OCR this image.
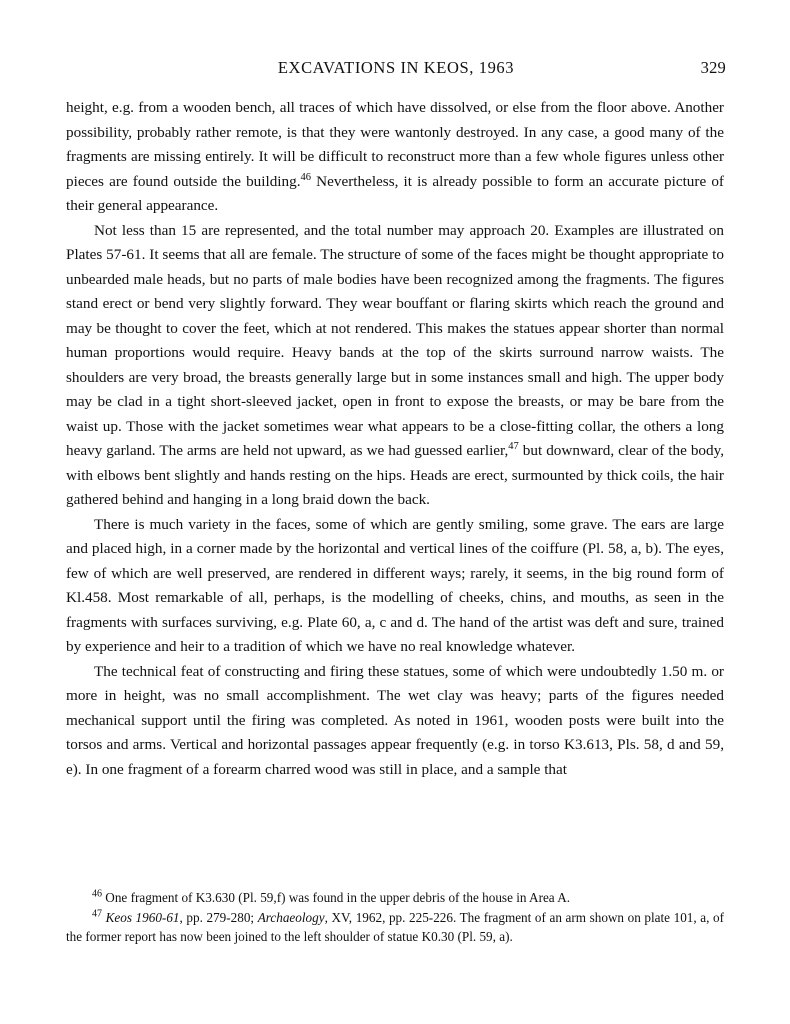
EXCAVATIONS IN KEOS, 1963	329

height, e.g. from a wooden bench, all traces of which have dissolved, or else from the floor above. Another possibility, probably rather remote, is that they were wantonly destroyed. In any case, a good many of the fragments are missing entirely. It will be difficult to reconstruct more than a few whole figures unless other pieces are found outside the building.$^{46}$ Nevertheless, it is already possible to form an accurate picture of their general appearance.

Not less than 15 are represented, and the total number may approach 20. Examples are illustrated on Plates 57-61. It seems that all are female. The structure of some of the faces might be thought appropriate to unbearded male heads, but no parts of male bodies have been recognized among the fragments. The figures stand erect or bend very slightly forward. They wear bouffant or flaring skirts which reach the ground and may be thought to cover the feet, which at not rendered. This makes the statues appear shorter than normal human proportions would require. Heavy bands at the top of the skirts surround narrow waists. The shoulders are very broad, the breasts generally large but in some instances small and high. The upper body may be clad in a tight short-sleeved jacket, open in front to expose the breasts, or may be bare from the waist up. Those with the jacket sometimes wear what appears to be a close-fitting collar, the others a long heavy garland. The arms are held not upward, as we had guessed earlier,$^{47}$ but downward, clear of the body, with elbows bent slightly and hands resting on the hips. Heads are erect, surmounted by thick coils, the hair gathered behind and hanging in a long braid down the back.

There is much variety in the faces, some of which are gently smiling, some grave. The ears are large and placed high, in a corner made by the horizontal and vertical lines of the coiffure (Pl. 58, a, b). The eyes, few of which are well preserved, are rendered in different ways; rarely, it seems, in the big round form of Kl.458. Most remarkable of all, perhaps, is the modelling of cheeks, chins, and mouths, as seen in the fragments with surfaces surviving, e.g. Plate 60, a, c and d. The hand of the artist was deft and sure, trained by experience and heir to a tradition of which we have no real knowledge whatever.

The technical feat of constructing and firing these statues, some of which were undoubtedly 1.50 m. or more in height, was no small accomplishment. The wet clay was heavy; parts of the figures needed mechanical support until the firing was completed. As noted in 1961, wooden posts were built into the torsos and arms. Vertical and horizontal passages appear frequently (e.g. in torso K3.613, Pls. 58, d and 59, e). In one fragment of a forearm charred wood was still in place, and a sample that

$^{46}$ One fragment of K3.630 (Pl. 59,f) was found in the upper debris of the house in Area A.

$^{47}$ Keos 1960-61, pp. 279-280; Archaeology, XV, 1962, pp. 225-226. The fragment of an arm shown on plate 101, a, of the former report has now been joined to the left shoulder of statue K0.30 (Pl. 59, a).
